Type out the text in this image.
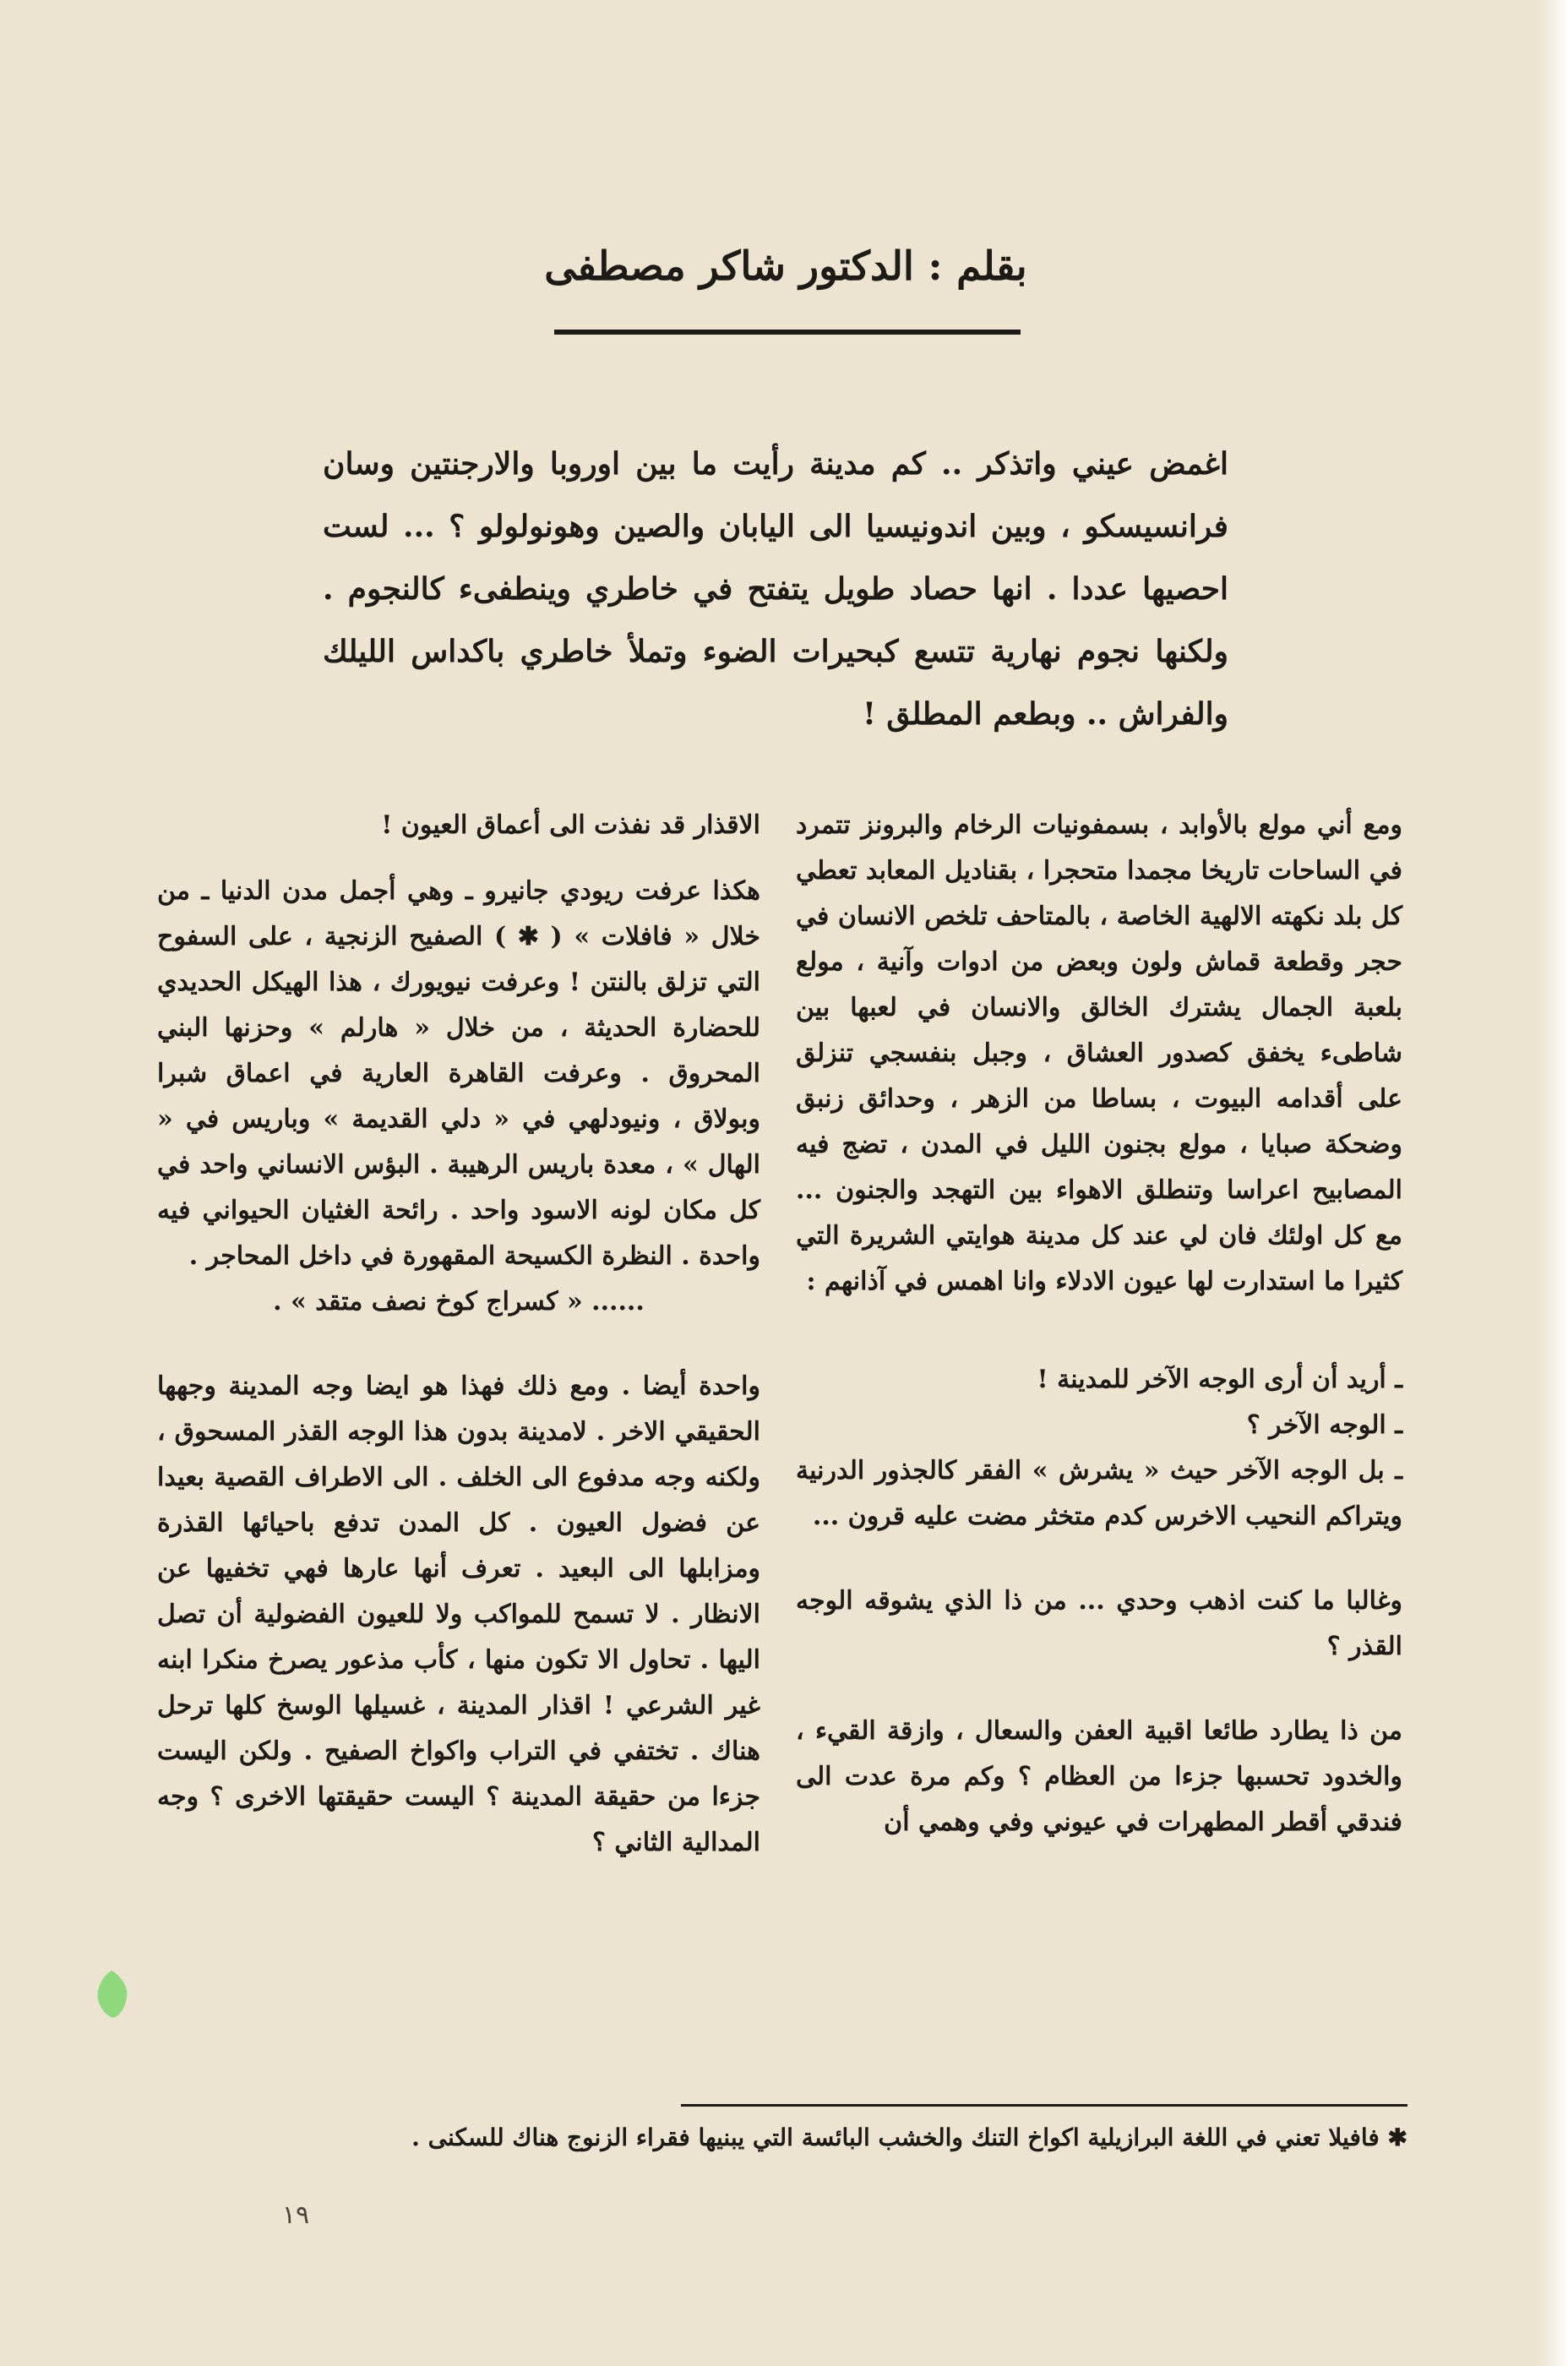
بقلم : الدكتور شاكر مصطفى

اغمض عيني واتذكر .. كم مدينة رأيت ما بين اوروبا والارجنتين وسان فرانسيسكو ، وبين اندونيسيا الى اليابان والصين وهونولولو ؟ ... لست احصيها عددا . انها حصاد طويل يتفتح في خاطري وينطفىء كالنجوم . ولكنها نجوم نهارية تتسع كبحيرات الضوء وتملأ خاطري باكداس الليلك والفراش .. وبطعم المطلق !

ومع أني مولع بالأوابد ، بسمفونيات الرخام والبرونز تتمرد في الساحات تاريخا مجمدا متحجرا ، بقناديل المعابد تعطي كل بلد نكهته الالهية الخاصة ، بالمتاحف تلخص الانسان في حجر وقطعة قماش ولون وبعض من ادوات وآنية ، مولع بلعبة الجمال يشترك الخالق والانسان في لعبها بين شاطىء يخفق كصدور العشاق ، وجبل بنفسجي تنزلق على أقدامه البيوت ، بساطا من الزهر ، وحدائق زنبق وضحكة صبايا ، مولع بجنون الليل في المدن ، تضج فيه المصابيح اعراسا وتنطلق الاهواء بين التهجد والجنون ... مع كل اولئك فان لي عند كل مدينة هوايتي الشريرة التي كثيرا ما استدارت لها عيون الادلاء وانا اهمس في آذانهم :

ـ أريد أن أرى الوجه الآخر للمدينة !

ـ الوجه الآخر ؟

ـ بل الوجه الآخر حيث « يشرش » الفقر كالجذور الدرنية ويتراكم النحيب الاخرس كدم متخثر مضت عليه قرون ...

وغالبا ما كنت اذهب وحدي ... من ذا الذي يشوقه الوجه القذر ؟

من ذا يطارد طائعا اقبية العفن والسعال ، وازقة القيء ، والخدود تحسبها جزءا من العظام ؟ وكم مرة عدت الى فندقي أقطر المطهرات في عيوني وفي وهمي أن

الاقذار قد نفذت الى أعماق العيون !

هكذا عرفت ريودي جانيرو ـ وهي أجمل مدن الدنيا ـ من خلال « فافلات » ( ✱ ) الصفيح الزنجية ، على السفوح التي تزلق بالنتن ! وعرفت نيويورك ، هذا الهيكل الحديدي للحضارة الحديثة ، من خلال « هارلم » وحزنها البني المحروق . وعرفت القاهرة العارية في اعماق شبرا وبولاق ، ونيودلهي في « دلي القديمة » وباريس في « الهال » ، معدة باريس الرهيبة . البؤس الانساني واحد في كل مكان لونه الاسود واحد . رائحة الغثيان الحيواني فيه واحدة . النظرة الكسيحة المقهورة في داخل المحاجر .

...... « كسراج كوخ نصف متقد » .

واحدة أيضا . ومع ذلك فهذا هو ايضا وجه المدينة وجهها الحقيقي الاخر . لامدينة بدون هذا الوجه القذر المسحوق ، ولكنه وجه مدفوع الى الخلف . الى الاطراف القصية بعيدا عن فضول العيون . كل المدن تدفع باحيائها القذرة ومزابلها الى البعيد . تعرف أنها عارها فهي تخفيها عن الانظار . لا تسمح للمواكب ولا للعيون الفضولية أن تصل اليها . تحاول الا تكون منها ، كأب مذعور يصرخ منكرا ابنه غير الشرعي ! اقذار المدينة ، غسيلها الوسخ كلها ترحل هناك . تختفي في التراب واكواخ الصفيح . ولكن اليست جزءا من حقيقة المدينة ؟ اليست حقيقتها الاخرى ؟ وجه المدالية الثاني ؟

✱ فافيلا تعني في اللغة البرازيلية اكواخ التنك والخشب البائسة التي يبنيها فقراء الزنوج هناك للسكنى .

١٩
